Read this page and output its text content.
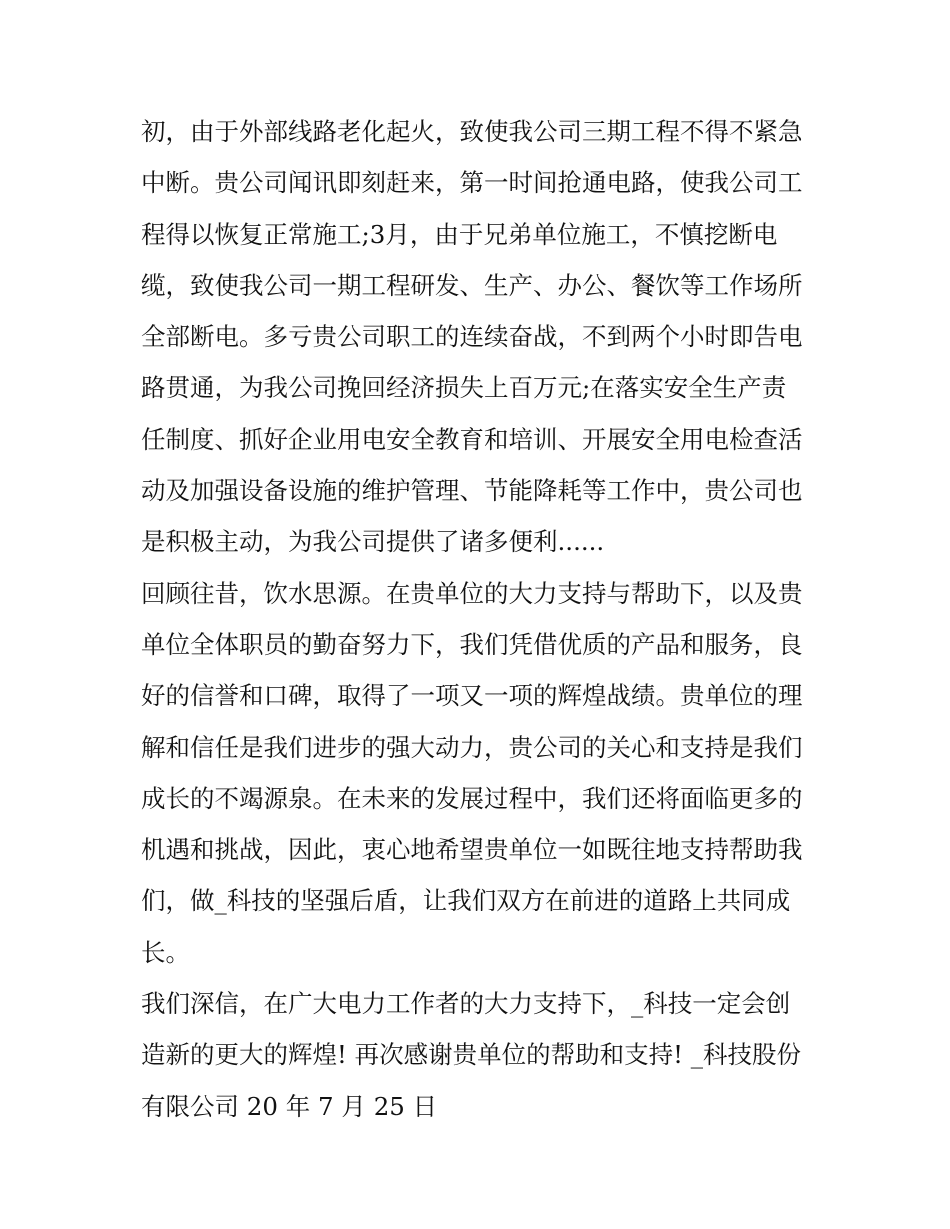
初，由于外部线路老化起火，致使我公司三期工程不得不紧急
中断。贵公司闻讯即刻赶来，第一时间抢通电路，使我公司工
程得以恢复正常施工;3月，由于兄弟单位施工，不慎挖断电
缆，致使我公司一期工程研发、生产、办公、餐饮等工作场所
全部断电。多亏贵公司职工的连续奋战，不到两个小时即告电
路贯通，为我公司挽回经济损失上百万元;在落实安全生产责
任制度、抓好企业用电安全教育和培训、开展安全用电检查活
动及加强设备设施的维护管理、节能降耗等工作中，贵公司也
是积极主动，为我公司提供了诸多便利......
回顾往昔，饮水思源。在贵单位的大力支持与帮助下，以及贵
单位全体职员的勤奋努力下，我们凭借优质的产品和服务，良
好的信誉和口碑，取得了一项又一项的辉煌战绩。贵单位的理
解和信任是我们进步的强大动力，贵公司的关心和支持是我们
成长的不竭源泉。在未来的发展过程中，我们还将面临更多的
机遇和挑战，因此，衷心地希望贵单位一如既往地支持帮助我
们，做_科技的坚强后盾，让我们双方在前进的道路上共同成
长。
我们深信，在广大电力工作者的大力支持下，_科技一定会创
造新的更大的辉煌! 再次感谢贵单位的帮助和支持! _科技股份
有限公司 20 年 7 月 25 日
